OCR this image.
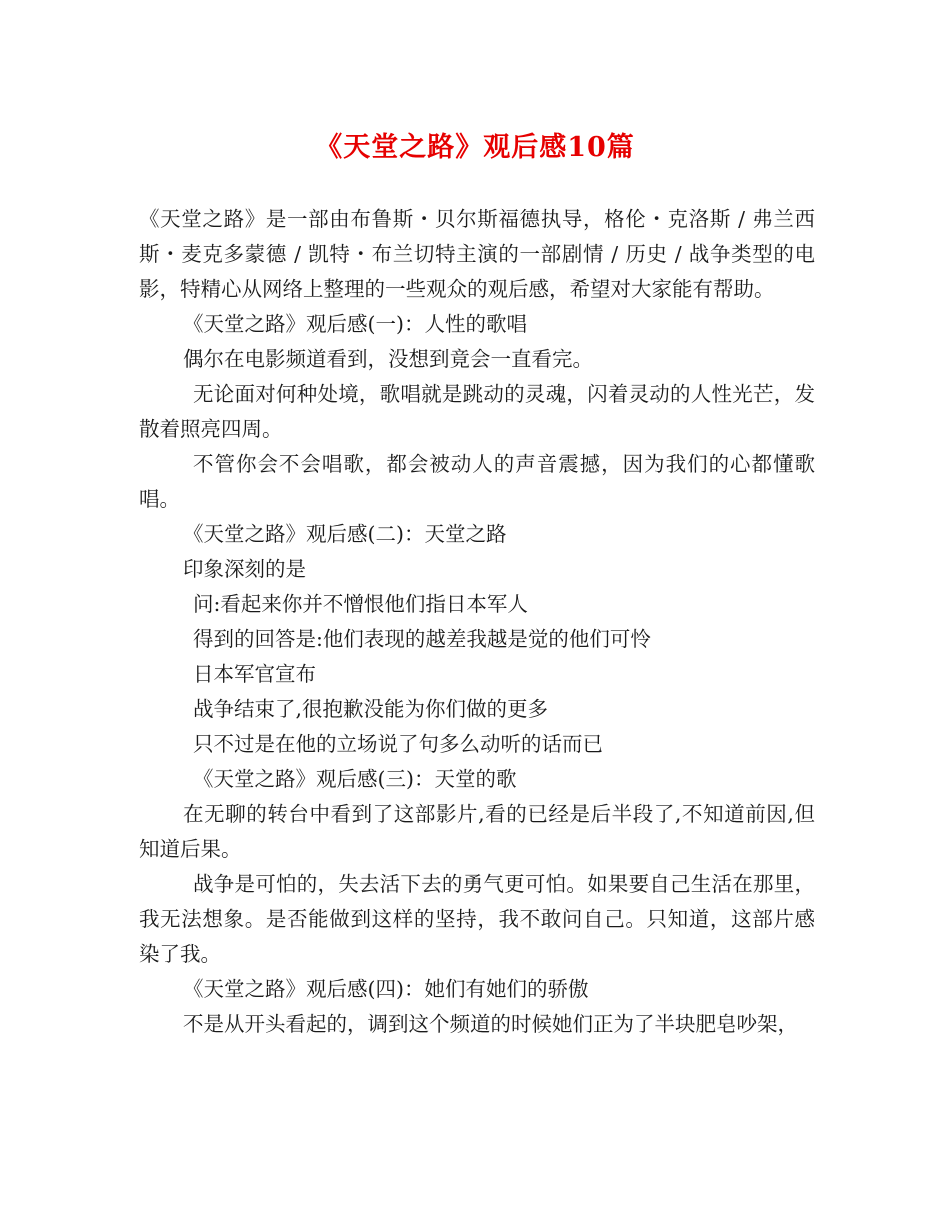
《天堂之路》观后感10篇

《天堂之路》是一部由布鲁斯・贝尔斯福德执导，格伦・克洛斯 / 弗兰西斯・麦克多蒙德 / 凯特・布兰切特主演的一部剧情 / 历史 / 战争类型的电影，特精心从网络上整理的一些观众的观后感，希望对大家能有帮助。

《天堂之路》观后感(一)：人性的歌唱

偶尔在电影频道看到，没想到竟会一直看完。

无论面对何种处境，歌唱就是跳动的灵魂，闪着灵动的人性光芒，发散着照亮四周。

不管你会不会唱歌，都会被动人的声音震撼，因为我们的心都懂歌唱。

《天堂之路》观后感(二)：天堂之路

印象深刻的是

问:看起来你并不憎恨他们指日本军人

得到的回答是:他们表现的越差我越是觉的他们可怜

日本军官宣布

战争结束了,很抱歉没能为你们做的更多

只不过是在他的立场说了句多么动听的话而已

《天堂之路》观后感(三)：天堂的歌

在无聊的转台中看到了这部影片,看的已经是后半段了,不知道前因,但知道后果。

战争是可怕的，失去活下去的勇气更可怕。如果要自己生活在那里，我无法想象。是否能做到这样的坚持，我不敢问自己。只知道，这部片感染了我。

《天堂之路》观后感(四)：她们有她们的骄傲

不是从开头看起的，调到这个频道的时候她们正为了半块肥皂吵架，
